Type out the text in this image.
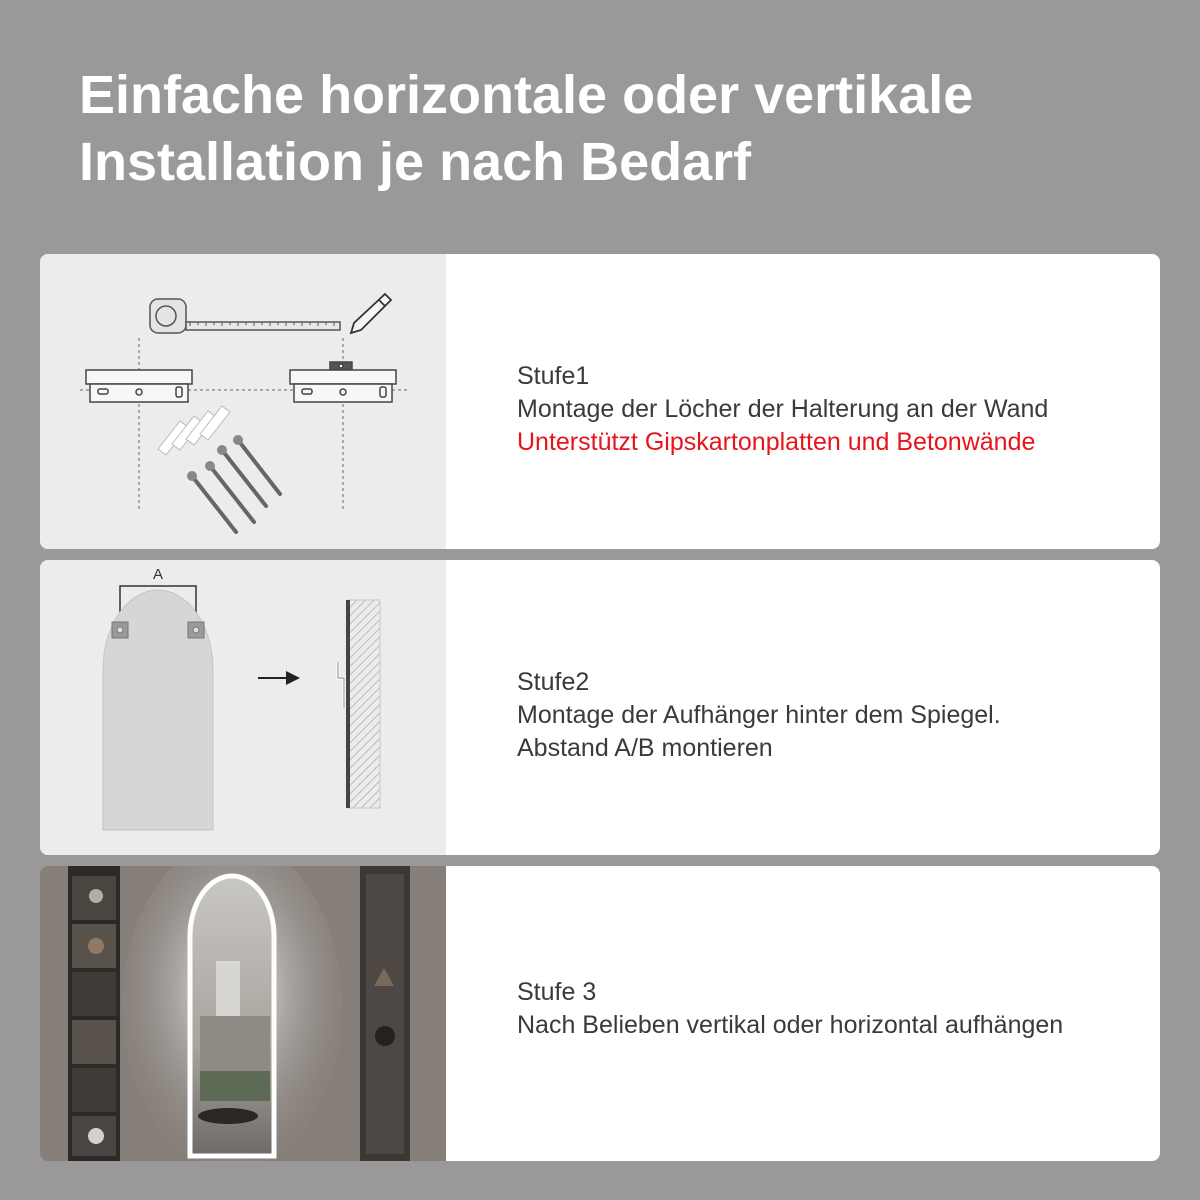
Einfache horizontale oder vertikale
Installation je nach Bedarf
Stufe1
Montage der Löcher der Halterung an der Wand
Unterstützt Gipskartonplatten und Betonwände
A
Stufe2
Montage der Aufhänger hinter dem Spiegel.
Abstand A/B montieren
Stufe 3
Nach Belieben vertikal oder horizontal aufhängen
